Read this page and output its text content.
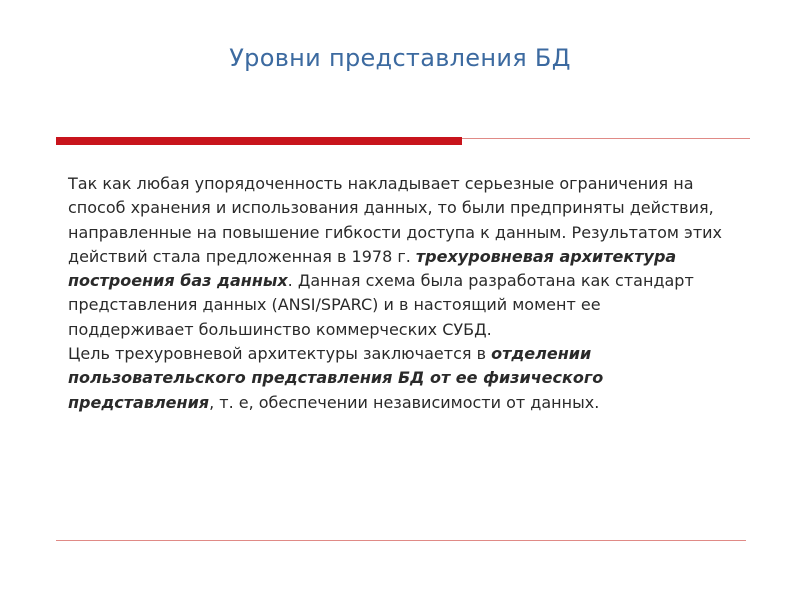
Уровни представления БД

Так как любая упорядоченность накладывает серьезные ограничения на способ хранения и использования данных, то были предприняты действия, направленные на повышение гибкости доступа к данным. Результатом этих действий стала предложенная в 1978 г. трехуровневая архитектура построения баз данных. Данная схема была разработана как стандарт представления данных (ANSI/SPARC) и в настоящий момент ее поддерживает большинство коммерческих СУБД.

Цель трехуровневой архитектуры заключается в отделении пользовательского представления БД от ее физического представления, т. е, обеспечении независимости от данных.
